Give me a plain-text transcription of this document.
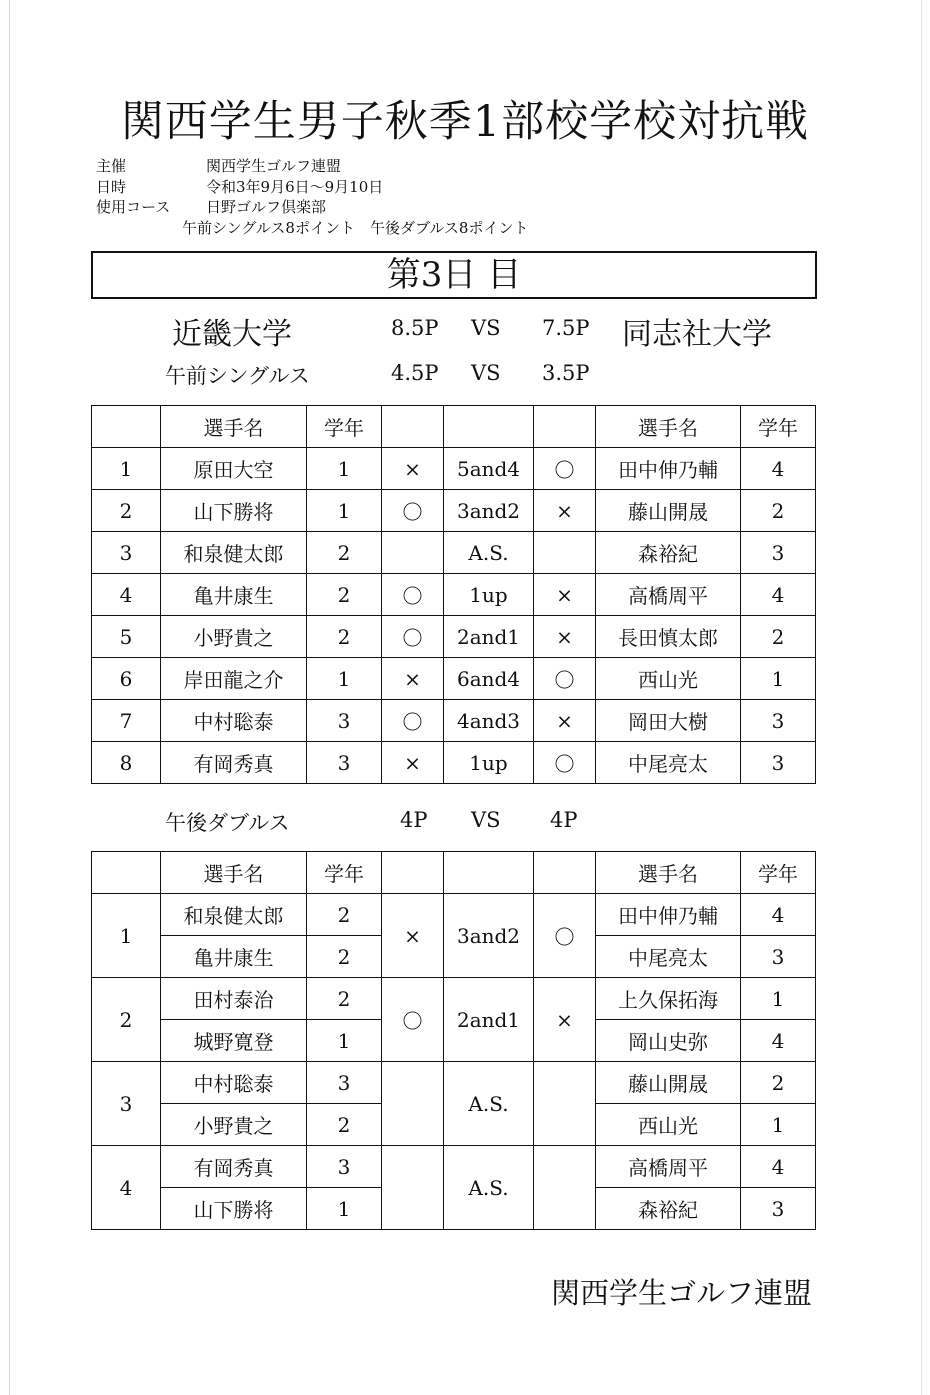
関西学生男子秋季1部校学校対抗戦
主催	関西学生ゴルフ連盟
日時	令和3年9月6日～9月10日
使用コース 日野ゴルフ倶楽部
午前シングルス8ポイント　午後ダブルス8ポイント
第3日 目
近畿大学	8.5P VS 7.5P 同志社大学
午前シングルス	4.5P VS 3.5P
	選手名	学年				選手名	学年
1	原田大空	1	×	5and4	〇	田中伸乃輔	4
2	山下勝将	1	〇	3and2	×	藤山開晟	2
3	和泉健太郎	2		A.S.		森裕紀	3
4	亀井康生	2	〇	1up	×	高橋周平	4
5	小野貴之	2	〇	2and1	×	長田慎太郎	2
6	岸田龍之介	1	×	6and4	〇	西山光	1
7	中村聡泰	3	〇	4and3	×	岡田大樹	3
8	有岡秀真	3	×	1up	〇	中尾亮太	3
午後ダブルス	4P VS 4P
	選手名	学年				選手名	学年
1	和泉健太郎	2	×	3and2	〇	田中伸乃輔	4
	亀井康生	2				中尾亮太	3
2	田村泰治	2	〇	2and1	×	上久保拓海	1
	城野寛登	1				岡山史弥	4
3	中村聡泰	3		A.S.		藤山開晟	2
	小野貴之	2				西山光	1
4	有岡秀真	3		A.S.		高橋周平	4
	山下勝将	1				森裕紀	3
関西学生ゴルフ連盟
